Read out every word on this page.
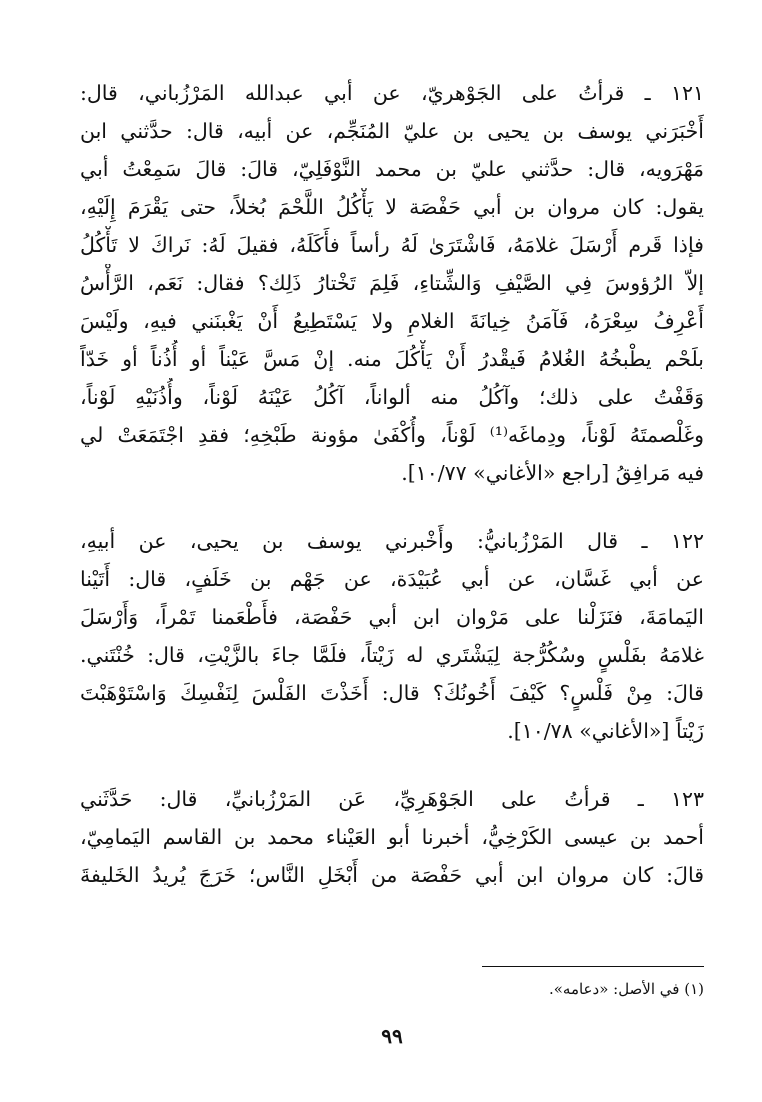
١٢١ ـ قرأتُ على الجَوْهريّ، عن أبي عبدالله المَرْزُباني، قال:
أَخْبَرَني يوسف بن يحيى بن عليّ المُنَجِّم، عن أبيه، قال: حدَّثني ابن
مَهْرَويه، قال: حدَّثني عليّ بن محمد النَّوْفَلِيّ، قالَ: قالَ سَمِعْتُ أبي
يقول: كان مروان بن أبي حَفْصَة لا يَأْكُلُ اللَّحْمَ بُخلاً، حتى يَقْرَمَ إِلَيْهِ،
فإذا قَرم أَرْسَلَ غلامَهُ، فَاشْتَرَىٰ لَهُ رأساً فأَكَلَهُ، فقيلَ لَهُ: نَراكَ لا تَأْكُلُ
إلاّ الرُؤوسَ فِي الصَّيْفِ وَالشِّتاءِ، فَلِمَ تَخْتارُ ذَلِك؟ فقال: نَعَم، الرَّأْسُ
أَعْرِفُ سِعْرَهُ، فَآمَنُ خِيانَةَ الغلامِ ولا يَسْتَطِيعُ أَنْ يَغْبنَني فيهِ، ولَيْسَ
بلَحْم يطْبخُهُ الغُلامُ فَيقْدرُ أَنْ يَأْكُلَ منه. إنْ مَسَّ عَيْناً أو أُذُناً أو خَدّاً
وَقَفْتُ على ذلك؛ وآكُلُ منه ألواناً، آكُلُ عَيْنَهُ لَوْناً، وأُذُنَيْهِ لَوْناً،
وغَلْصمتَهُ لَوْناً، ودِماغَه⁽¹⁾ لَوْناً، وأُكْفَىٰ مؤونة طَبْخِهِ؛ فقدِ اجْتَمَعَتْ لي
فيه مَرافِقُ [راجع «الأغاني» ١٠/٧٧].
١٢٢ ـ قال المَرْزُبانيُّ: وأَخْبرني يوسف بن يحيى، عن أبيهِ،
عن أبي غَسَّان، عن أبي عُبَيْدَة، عن جَهْم بن خَلَفٍ، قال: أَتَيْنا
اليَمامَةَ، فنَزَلْنا على مَرْوان ابن أبي حَفْصَة، فأَطْعَمنا تَمْراً، وَأَرْسَلَ
غلامَهُ بفَلْسٍ وسُكُرُّجة لِيَشْتَري له زَيْتاً، فلَمَّا جاءَ بالزَّيْتِ، قال: خُنْتَني.
قالَ: مِنْ فَلْسٍ؟ كَيْفَ أَخُونُكَ؟ قال: أَخَذْتَ الفَلْسَ لِنَفْسِكَ وَاسْتَوْهَبْتَ
زَيْتاً [«الأغاني» ١٠/٧٨].
١٢٣ ـ قرأتُ على الجَوْهَرِيِّ، عَن المَرْزُبانيِّ، قال: حَدَّثَني
أحمد بن عيسى الكَرْخِيُّ، أخبرنا أبو العَيْناء محمد بن القاسم اليَمامِيّ،
قالَ: كان مروان ابن أبي حَفْصَة من أَبْخَلِ النَّاس؛ خَرَجَ يُريدُ الخَليفةَ
(١) في الأصل: «دعامه».
٩٩
